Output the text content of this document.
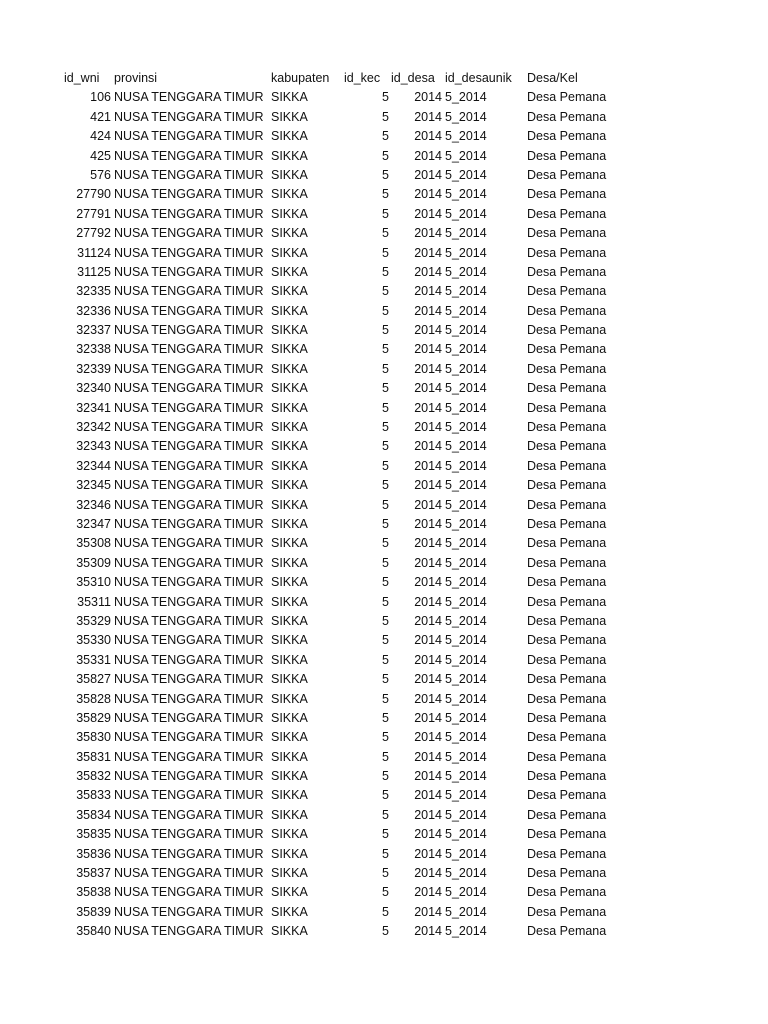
id_wni provinsi	kabupaten id_kec id_desa id_desaunik Desa/Kel
106 NUSA TENGGARA TIMUR SIKKA	5	2014 5_2014	Desa Pemana
421 NUSA TENGGARA TIMUR SIKKA	5	2014 5_2014	Desa Pemana
424 NUSA TENGGARA TIMUR SIKKA	5	2014 5_2014	Desa Pemana
425 NUSA TENGGARA TIMUR SIKKA	5	2014 5_2014	Desa Pemana
576 NUSA TENGGARA TIMUR SIKKA	5	2014 5_2014	Desa Pemana
27790 NUSA TENGGARA TIMUR SIKKA	5	2014 5_2014	Desa Pemana
27791 NUSA TENGGARA TIMUR SIKKA	5	2014 5_2014	Desa Pemana
27792 NUSA TENGGARA TIMUR SIKKA	5	2014 5_2014	Desa Pemana
31124 NUSA TENGGARA TIMUR SIKKA	5	2014 5_2014	Desa Pemana
31125 NUSA TENGGARA TIMUR SIKKA	5	2014 5_2014	Desa Pemana
32335 NUSA TENGGARA TIMUR SIKKA	5	2014 5_2014	Desa Pemana
32336 NUSA TENGGARA TIMUR SIKKA	5	2014 5_2014	Desa Pemana
32337 NUSA TENGGARA TIMUR SIKKA	5	2014 5_2014	Desa Pemana
32338 NUSA TENGGARA TIMUR SIKKA	5	2014 5_2014	Desa Pemana
32339 NUSA TENGGARA TIMUR SIKKA	5	2014 5_2014	Desa Pemana
32340 NUSA TENGGARA TIMUR SIKKA	5	2014 5_2014	Desa Pemana
32341 NUSA TENGGARA TIMUR SIKKA	5	2014 5_2014	Desa Pemana
32342 NUSA TENGGARA TIMUR SIKKA	5	2014 5_2014	Desa Pemana
32343 NUSA TENGGARA TIMUR SIKKA	5	2014 5_2014	Desa Pemana
32344 NUSA TENGGARA TIMUR SIKKA	5	2014 5_2014	Desa Pemana
32345 NUSA TENGGARA TIMUR SIKKA	5	2014 5_2014	Desa Pemana
32346 NUSA TENGGARA TIMUR SIKKA	5	2014 5_2014	Desa Pemana
32347 NUSA TENGGARA TIMUR SIKKA	5	2014 5_2014	Desa Pemana
35308 NUSA TENGGARA TIMUR SIKKA	5	2014 5_2014	Desa Pemana
35309 NUSA TENGGARA TIMUR SIKKA	5	2014 5_2014	Desa Pemana
35310 NUSA TENGGARA TIMUR SIKKA	5	2014 5_2014	Desa Pemana
35311 NUSA TENGGARA TIMUR SIKKA	5	2014 5_2014	Desa Pemana
35329 NUSA TENGGARA TIMUR SIKKA	5	2014 5_2014	Desa Pemana
35330 NUSA TENGGARA TIMUR SIKKA	5	2014 5_2014	Desa Pemana
35331 NUSA TENGGARA TIMUR SIKKA	5	2014 5_2014	Desa Pemana
35827 NUSA TENGGARA TIMUR SIKKA	5	2014 5_2014	Desa Pemana
35828 NUSA TENGGARA TIMUR SIKKA	5	2014 5_2014	Desa Pemana
35829 NUSA TENGGARA TIMUR SIKKA	5	2014 5_2014	Desa Pemana
35830 NUSA TENGGARA TIMUR SIKKA	5	2014 5_2014	Desa Pemana
35831 NUSA TENGGARA TIMUR SIKKA	5	2014 5_2014	Desa Pemana
35832 NUSA TENGGARA TIMUR SIKKA	5	2014 5_2014	Desa Pemana
35833 NUSA TENGGARA TIMUR SIKKA	5	2014 5_2014	Desa Pemana
35834 NUSA TENGGARA TIMUR SIKKA	5	2014 5_2014	Desa Pemana
35835 NUSA TENGGARA TIMUR SIKKA	5	2014 5_2014	Desa Pemana
35836 NUSA TENGGARA TIMUR SIKKA	5	2014 5_2014	Desa Pemana
35837 NUSA TENGGARA TIMUR SIKKA	5	2014 5_2014	Desa Pemana
35838 NUSA TENGGARA TIMUR SIKKA	5	2014 5_2014	Desa Pemana
35839 NUSA TENGGARA TIMUR SIKKA	5	2014 5_2014	Desa Pemana
35840 NUSA TENGGARA TIMUR SIKKA	5	2014 5_2014	Desa Pemana
